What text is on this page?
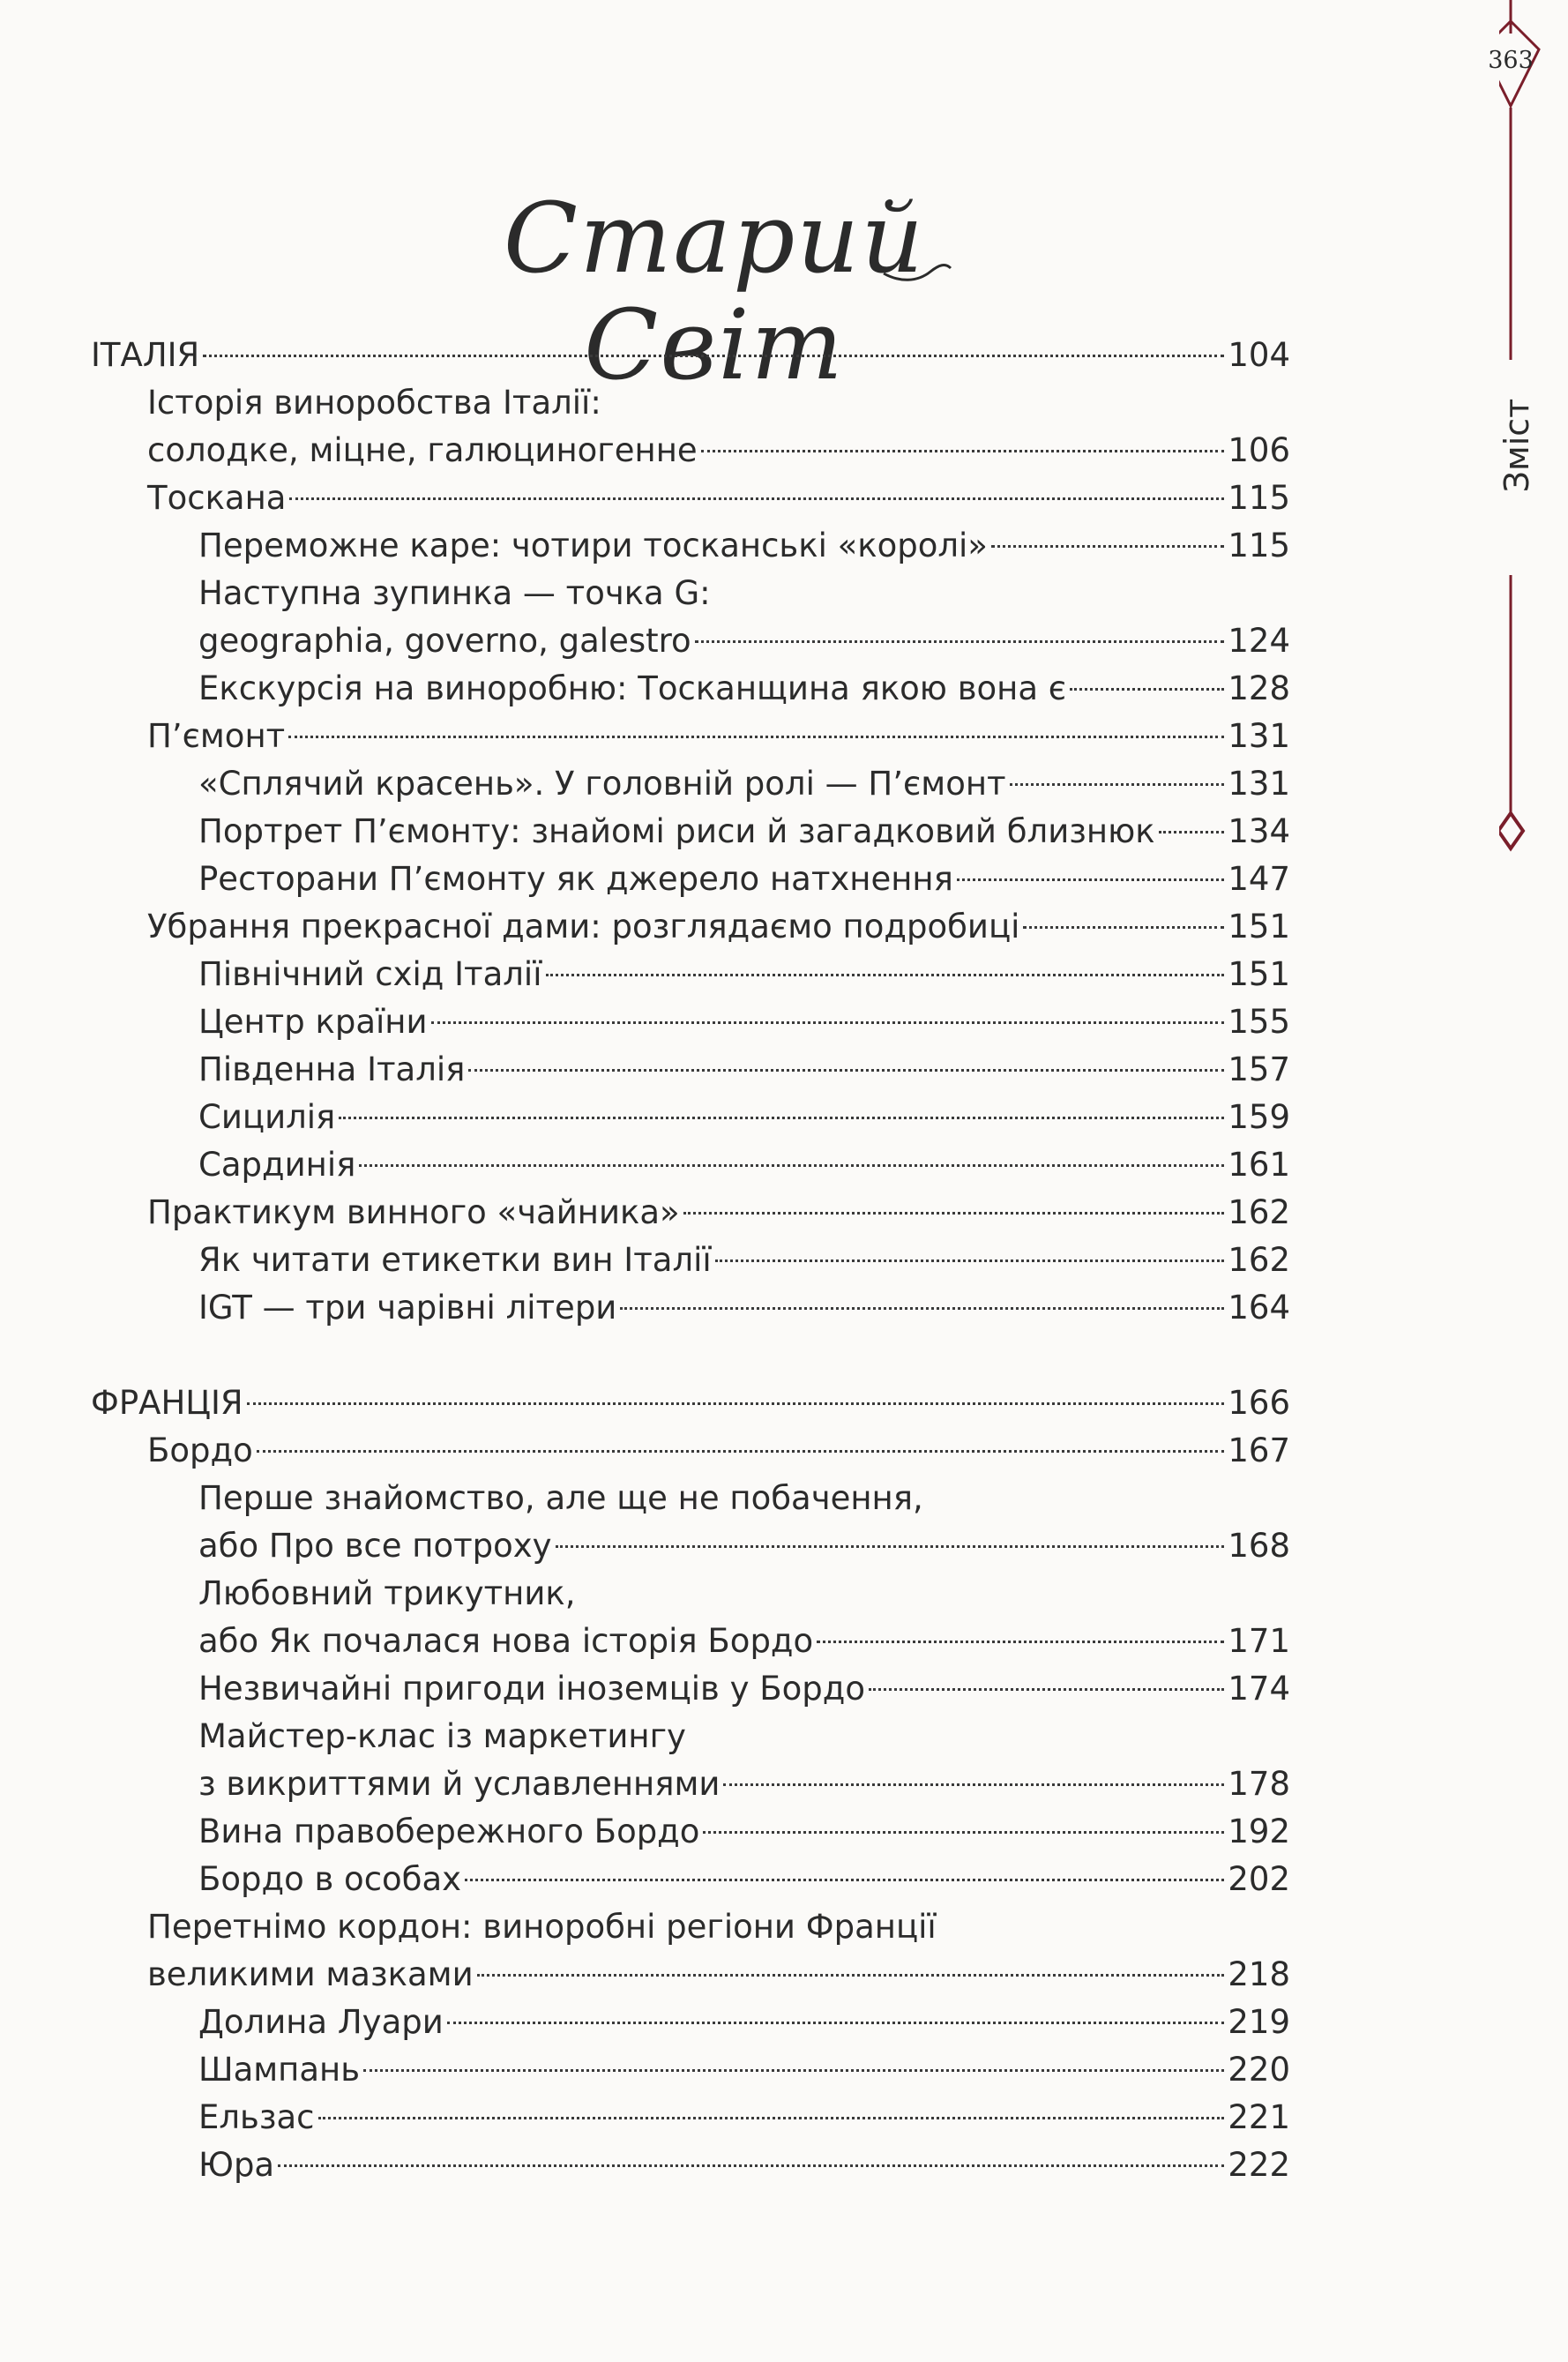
363
Зміст
Старий Світ
ІТАЛІЯ	104
Історія виноробства Італії:
солодке, міцне, галюциногенне	106
Тоскана	115
Переможне каре: чотири тосканські «королі»	115
Наступна зупинка — точка G:
geographia, governo, galestro	124
Екскурсія на виноробню: Тосканщина якою вона є	128
П’ємонт	131
«Сплячий красень». У головній ролі — П’ємонт	131
Портрет П’ємонту: знайомі риси й загадковий близнюк 134
Ресторани П’ємонту як джерело натхнення	147
Убрання прекрасної дами: розглядаємо подробиці	151
Північний схід Італії	151
Центр країни	155
Південна Італія	157
Сицилія	159
Сардинія	161
Практикум винного «чайника»	162
Як читати етикетки вин Італії	162
IGT — три чарівні літери	164
ФРАНЦІЯ	166
Бордо	167
Перше знайомство, але ще не побачення,
або Про все потроху	168
Любовний трикутник,
або Як почалася нова історія Бордо	171
Незвичайні пригоди іноземців у Бордо	174
Майстер-клас із маркетингу
з викриттями й уславленнями	178
Вина правобережного Бордо	192
Бордо в особах	202
Перетнімо кордон: виноробні регіони Франції
великими мазками	218
Долина Луари	219
Шампань	220
Ельзас	221
Юра	222
